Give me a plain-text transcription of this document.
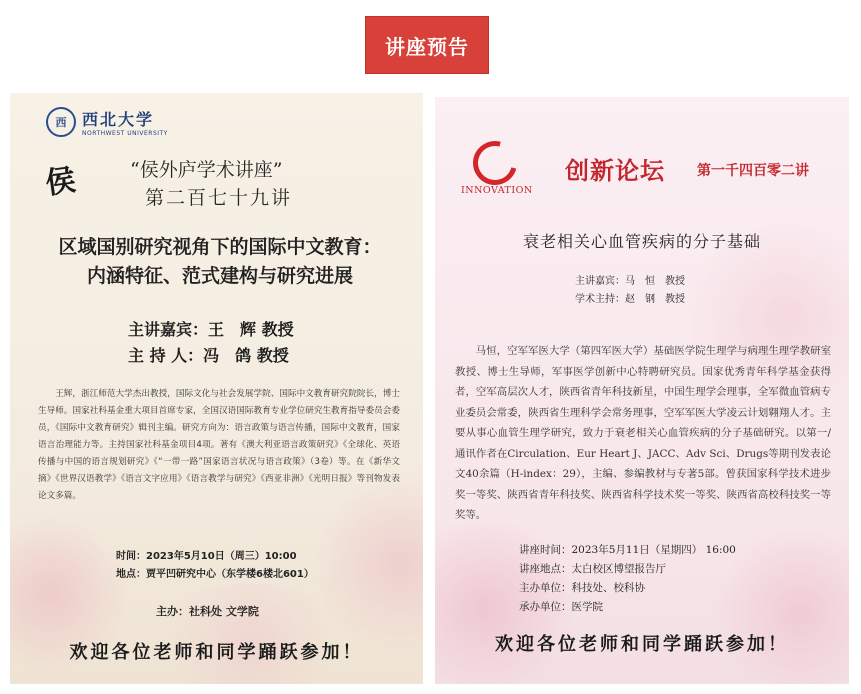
讲座预告
西 西北大学
NORTHWEST UNIVERSITY
侯	“侯外庐学术讲座”
第二百七十九讲
区域国别研究视角下的国际中文教育：
内涵特征、范式建构与研究进展
主讲嘉宾：王　辉 教授
主 持 人：冯　鸽 教授
王辉，浙江师范大学杰出教授，国际文化与社会发展学院、国际中文教育研究院院长，博士生导师。国家社科基金重大项目首席专家，全国汉语国际教育专业学位研究生教育指导委员会委员，《国际中文教育研究》辑刊主编。研究方向为：语言政策与语言传播，国际中文教育，国家语言治理能力等。主持国家社科基金项目4项。著有《澳大利亚语言政策研究》《全球化、英语传播与中国的语言规划研究》《“一带一路”国家语言状况与语言政策》（3卷）等。在《新华文摘》《世界汉语教学》《语言文字应用》《语言教学与研究》《西亚非洲》《光明日报》等刊物发表论文多篇。
时间：2023年5月10日（周三）10:00
地点：贾平凹研究中心（东学楼6楼北601）
主办：社科处 文学院
欢迎各位老师和同学踊跃参加！
INNOVATION
创新论坛 第一千四百零二讲
衰老相关心血管疾病的分子基础
主讲嘉宾：马　恒　教授
学术主持：赵　钢　教授
马恒，空军军医大学（第四军医大学）基础医学院生理学与病理生理学教研室教授、博士生导师，军事医学创新中心特聘研究员。国家优秀青年科学基金获得者，空军高层次人才，陕西省青年科技新星，中国生理学会理事，全军微血管病专业委员会常委，陕西省生理科学会常务理事，空军军医大学凌云计划翱翔人才。主要从事心血管生理学研究，致力于衰老相关心血管疾病的分子基础研究。以第一/通讯作者在Circulation、Eur Heart J、JACC、Adv Sci、Drugs等期刊发表论文40余篇（H-index：29），主编、参编教材与专著5部。曾获国家科学技术进步奖一等奖、陕西省青年科技奖、陕西省科学技术奖一等奖、陕西省高校科技奖一等奖等。
讲座时间：2023年5月11日（星期四） 16:00
讲座地点：太白校区博望报告厅
主办单位：科技处、校科协
承办单位：医学院
欢迎各位老师和同学踊跃参加！
